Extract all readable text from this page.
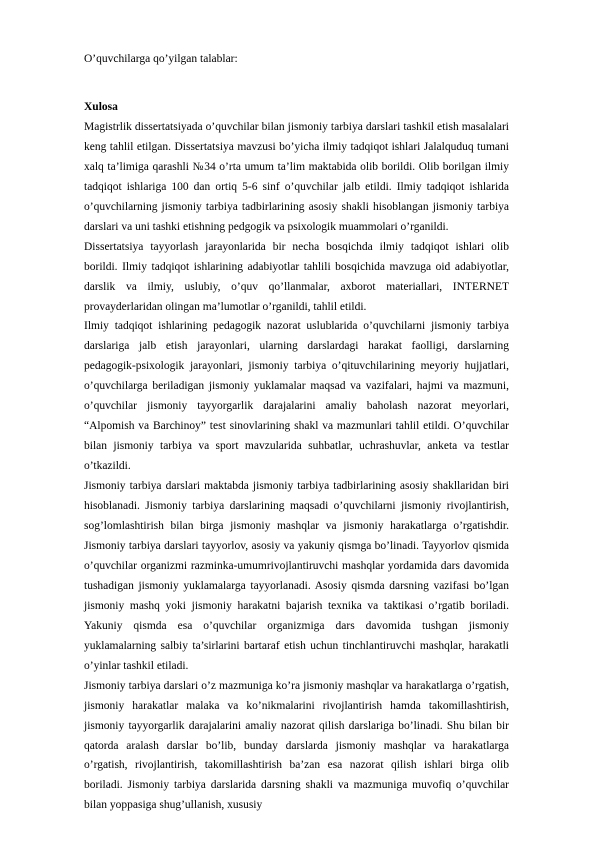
O’quvchilarga qo’yilgan talablar:
Xulosa

Magistrlik dissertatsiyada o’quvchilar bilan jismoniy tarbiya darslari tashkil etish masalalari keng tahlil etilgan. Dissertatsiya mavzusi bo’yicha ilmiy tadqiqot ishlari Jalalquduq tumani xalq ta’limiga qarashli №34 o’rta umum ta’lim maktabida olib borildi. Olib borilgan ilmiy tadqiqot ishlariga 100 dan ortiq 5-6 sinf o’quvchilar jalb etildi. Ilmiy tadqiqot ishlarida o’quvchilarning jismoniy tarbiya tadbirlarining asosiy shakli hisoblangan jismoniy tarbiya darslari va uni tashki etishning pedgogik va psixologik muammolari o’rganildi.

Dissertatsiya tayyorlash jarayonlarida bir necha bosqichda ilmiy tadqiqot ishlari olib borildi. Ilmiy tadqiqot ishlarining adabiyotlar tahlili bosqichida mavzuga oid adabiyotlar, darslik va ilmiy, uslubiy, o’quv qo’llanmalar, axborot materiallari, INTERNET provayderlaridan olingan ma’lumotlar o’rganildi, tahlil etildi.

Ilmiy tadqiqot ishlarining pedagogik nazorat uslublarida o’quvchilarni jismoniy tarbiya darslariga jalb etish jarayonlari, ularning darslardagi harakat faolligi, darslarning pedagogik-psixologik jarayonlari, jismoniy tarbiya o’qituvchilarining meyoriy hujjatlari, o’quvchilarga beriladigan jismoniy yuklamalar maqsad va vazifalari, hajmi va mazmuni, o’quvchilar jismoniy tayyorgarlik darajalarini amaliy baholash nazorat meyorlari, “Alpomish va Barchinoy” test sinovlarining shakl va mazmunlari tahlil etildi. O’quvchilar bilan jismoniy tarbiya va sport mavzularida suhbatlar, uchrashuvlar, anketa va testlar o’tkazildi.

Jismoniy tarbiya darslari maktabda jismoniy tarbiya tadbirlarining asosiy shakllaridan biri hisoblanadi. Jismoniy tarbiya darslarining maqsadi o’quvchilarni jismoniy rivojlantirish, sog’lomlashtirish bilan birga jismoniy mashqlar va jismoniy harakatlarga o’rgatishdir. Jismoniy tarbiya darslari tayyorlov, asosiy va yakuniy qismga bo’linadi. Tayyorlov qismida o’quvchilar organizmi razminka-umumrivojlantiruvchi mashqlar yordamida dars davomida tushadigan jismoniy yuklamalarga tayyorlanadi. Asosiy qismda darsning vazifasi bo’lgan jismoniy mashq yoki jismoniy harakatni bajarish texnika va taktikasi o’rgatib boriladi. Yakuniy qismda esa o’quvchilar organizmiga dars davomida tushgan jismoniy yuklamalarning salbiy ta’sirlarini bartaraf etish uchun tinchlantiruvchi mashqlar, harakatli o’yinlar tashkil etiladi.

Jismoniy tarbiya darslari o’z mazmuniga ko’ra jismoniy mashqlar va harakatlarga o’rgatish, jismoniy harakatlar malaka va ko’nikmalarini rivojlantirish hamda takomillashtirish, jismoniy tayyorgarlik darajalarini amaliy nazorat qilish darslariga bo’linadi. Shu bilan bir qatorda aralash darslar bo’lib, bunday darslarda jismoniy mashqlar va harakatlarga o’rgatish, rivojlantirish, takomillashtirish ba’zan esa nazorat qilish ishlari birga olib boriladi. Jismoniy tarbiya darslarida darsning shakli va mazmuniga muvofiq o’quvchilar bilan yoppasiga shug’ullanish, xususiy
